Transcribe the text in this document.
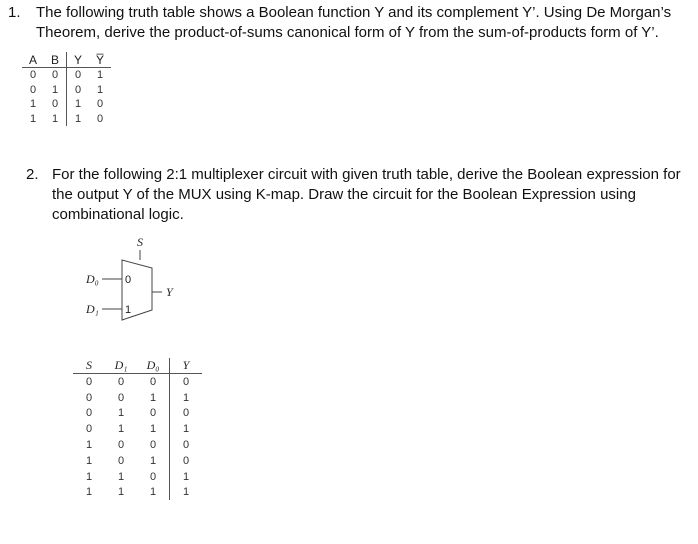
1. The following truth table shows a Boolean function Y and its complement Y’. Using De Morgan’s Theorem, derive the product-of-sums canonical form of Y from the sum-of-products form of Y’.
A	B	Y	Y̅
0	0	0	1
0	1	0	1
1	0	1	0
1	1	1	0
2. For the following 2:1 multiplexer circuit with given truth table, derive the Boolean expression for the output Y of the MUX using K-map. Draw the circuit for the Boolean Expression using combinational logic.
S
D₀ 0
D₁ 1
Y
S	D₁	D₀	Y
0	0	0	0
0	0	1	1
0	1	0	0
0	1	1	1
1	0	0	0
1	0	1	0
1	1	0	1
1	1	1	1
